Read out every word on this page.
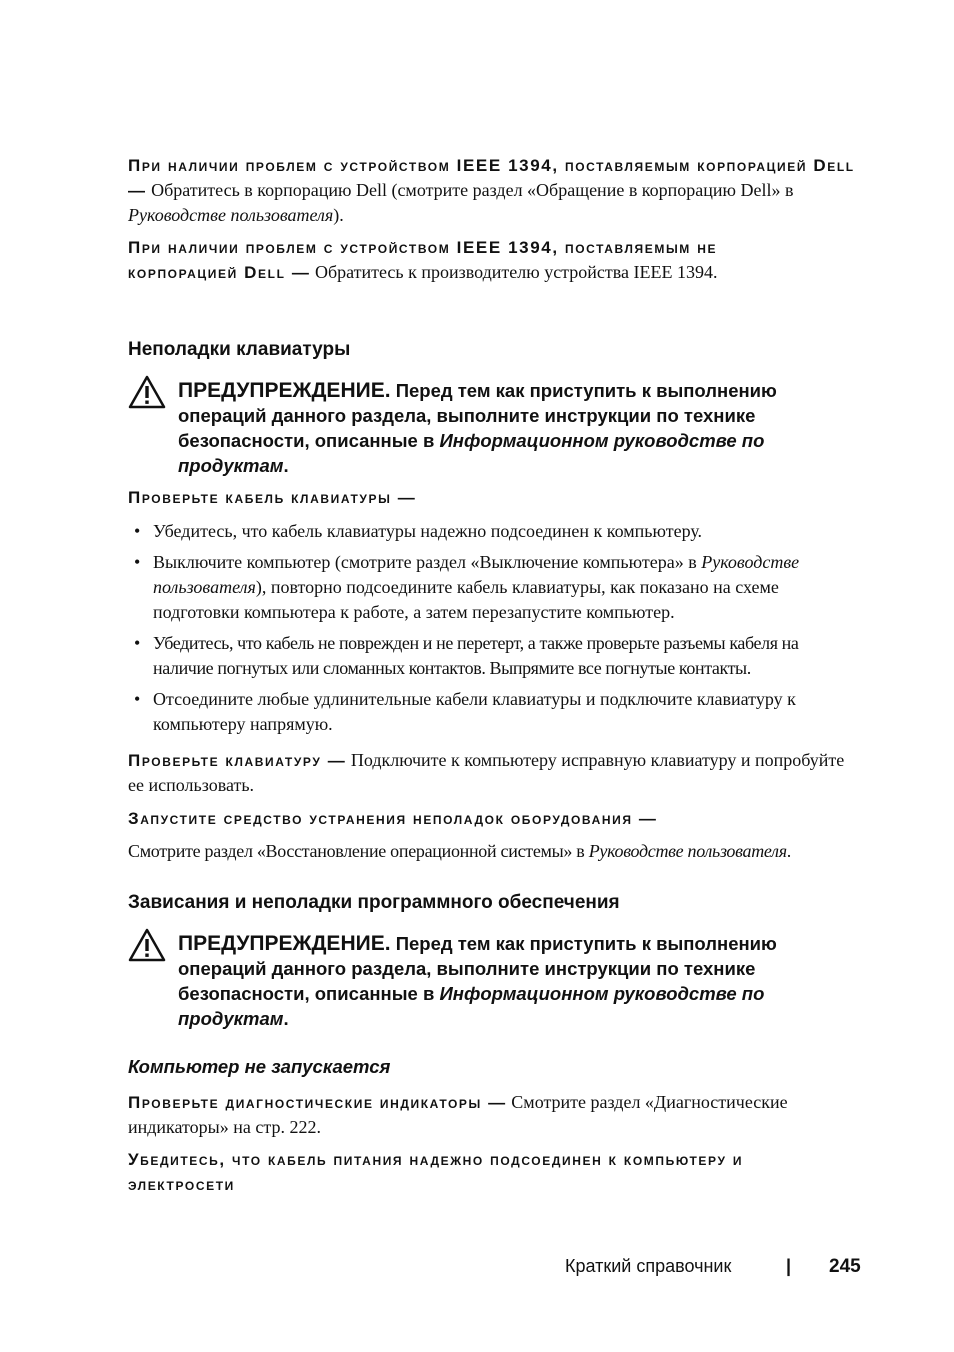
При наличии проблем с устройством IEEE 1394, поставляемым корпорацией Dell — Обратитесь в корпорацию Dell (смотрите раздел «Обращение в корпорацию Dell» в Руководстве пользователя).
При наличии проблем с устройством IEEE 1394, поставляемым не корпорацией Dell — Обратитесь к производителю устройства IEEE 1394.
Неполадки клавиатуры
ПРЕДУПРЕЖДЕНИЕ. Перед тем как приступить к выполнению операций данного раздела, выполните инструкции по технике безопасности, описанные в Информационном руководстве по продуктам.
Проверьте кабель клавиатуры —
• Убедитесь, что кабель клавиатуры надежно подсоединен к компьютеру.
• Выключите компьютер (смотрите раздел «Выключение компьютера» в Руководстве пользователя), повторно подсоедините кабель клавиатуры, как показано на схеме подготовки компьютера к работе, а затем перезапустите компьютер.
• Убедитесь, что кабель не поврежден и не перетерт, а также проверьте разъемы кабеля на наличие погнутых или сломанных контактов. Выпрямите все погнутые контакты.
• Отсоедините любые удлинительные кабели клавиатуры и подключите клавиатуру к компьютеру напрямую.
Проверьте клавиатуру — Подключите к компьютеру исправную клавиатуру и попробуйте ее использовать.
Запустите средство устранения неполадок оборудования —
Смотрите раздел «Восстановление операционной системы» в Руководстве пользователя.
Зависания и неполадки программного обеспечения
ПРЕДУПРЕЖДЕНИЕ. Перед тем как приступить к выполнению операций данного раздела, выполните инструкции по технике безопасности, описанные в Информационном руководстве по продуктам.
Компьютер не запускается
Проверьте диагностические индикаторы — Смотрите раздел «Диагностические индикаторы» на стр. 222.
Убедитесь, что кабель питания надежно подсоединен к компьютеру и электросети
Краткий справочник	| 245
